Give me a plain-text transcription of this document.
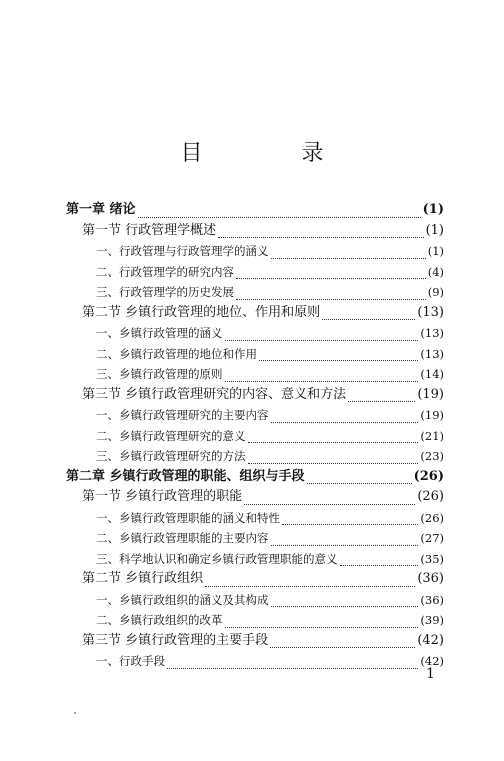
目 录
第一章 绪论	(1)
第一节 行政管理学概述	(1)
一、行政管理与行政管理学的涵义	(1)
二、行政管理学的研究内容	(4)
三、行政管理学的历史发展	(9)
第二节 乡镇行政管理的地位、作用和原则	(13)
一、乡镇行政管理的涵义	(13)
二、乡镇行政管理的地位和作用	(13)
三、乡镇行政管理的原则	(14)
第三节 乡镇行政管理研究的内容、意义和方法	(19)
一、乡镇行政管理研究的主要内容	(19)
二、乡镇行政管理研究的意义	(21)
三、乡镇行政管理研究的方法	(23)
第二章 乡镇行政管理的职能、组织与手段	(26)
第一节 乡镇行政管理的职能	(26)
一、乡镇行政管理职能的涵义和特性	(26)
二、乡镇行政管理职能的主要内容	(27)
三、科学地认识和确定乡镇行政管理职能的意义	(35)
第二节 乡镇行政组织	(36)
一、乡镇行政组织的涵义及其构成	(36)
二、乡镇行政组织的改革	(39)
第三节 乡镇行政管理的主要手段	(42)
一、行政手段	(42)
1
